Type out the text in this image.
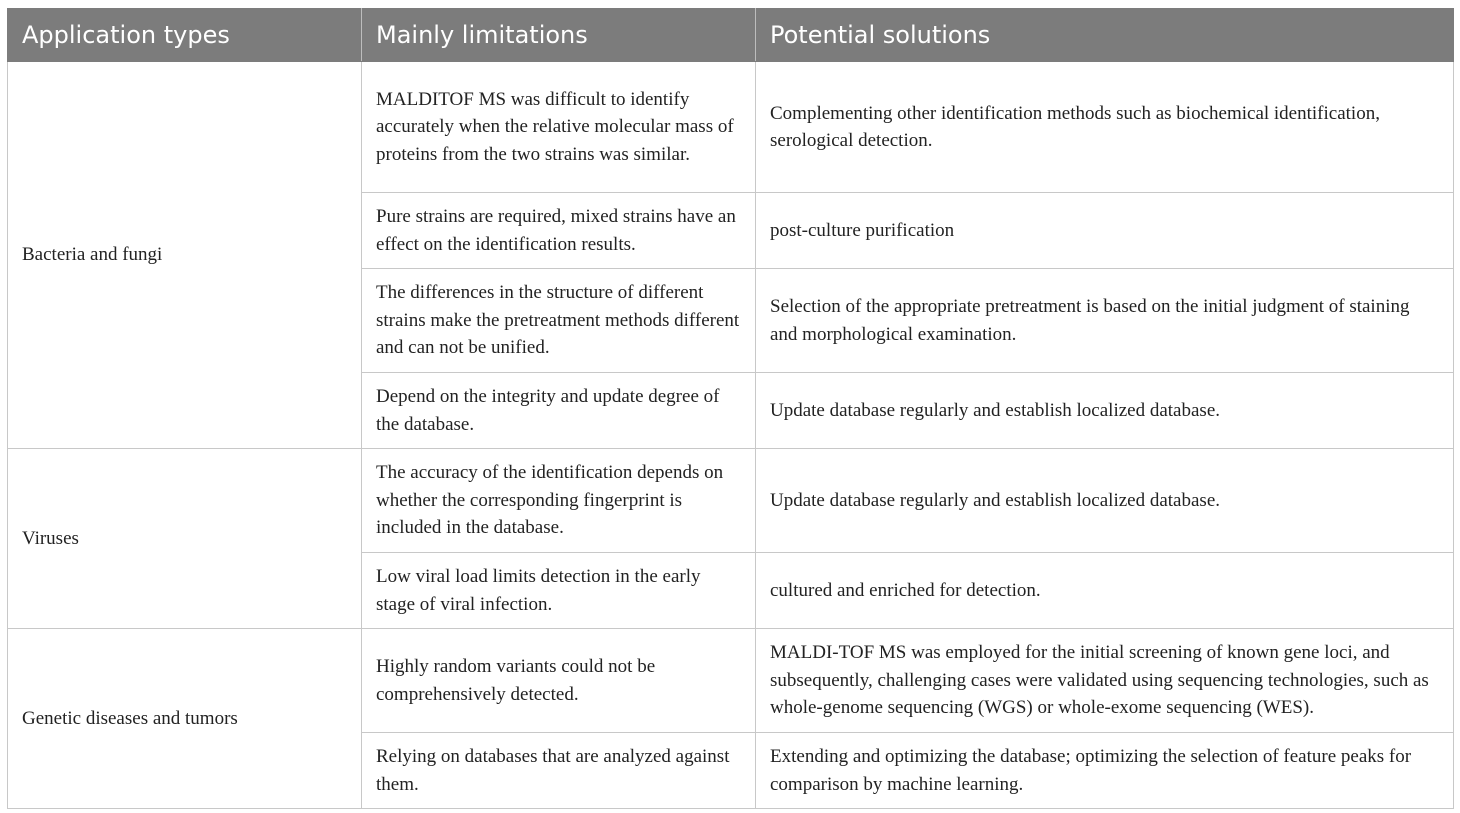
Application types	Mainly limitations	Potential solutions
Bacteria and fungi	MALDITOF MS was difficult to identify accurately when the relative molecular mass of proteins from the two strains was similar.	Complementing other identification methods such as biochemical identification, serological detection.
	Pure strains are required, mixed strains have an effect on the identification results.	post-culture purification
	The differences in the structure of different strains make the pretreatment methods different and can not be unified.	Selection of the appropriate pretreatment is based on the initial judgment of staining and morphological examination.
	Depend on the integrity and update degree of the database.	Update database regularly and establish localized database.
Viruses	The accuracy of the identification depends on whether the corresponding fingerprint is included in the database.	Update database regularly and establish localized database.
	Low viral load limits detection in the early stage of viral infection.	cultured and enriched for detection.
Genetic diseases and tumors	Highly random variants could not be comprehensively detected.	MALDI-TOF MS was employed for the initial screening of known gene loci, and subsequently, challenging cases were validated using sequencing technologies, such as whole-genome sequencing (WGS) or whole-exome sequencing (WES).
	Relying on databases that are analyzed against them.	Extending and optimizing the database; optimizing the selection of feature peaks for comparison by machine learning.
